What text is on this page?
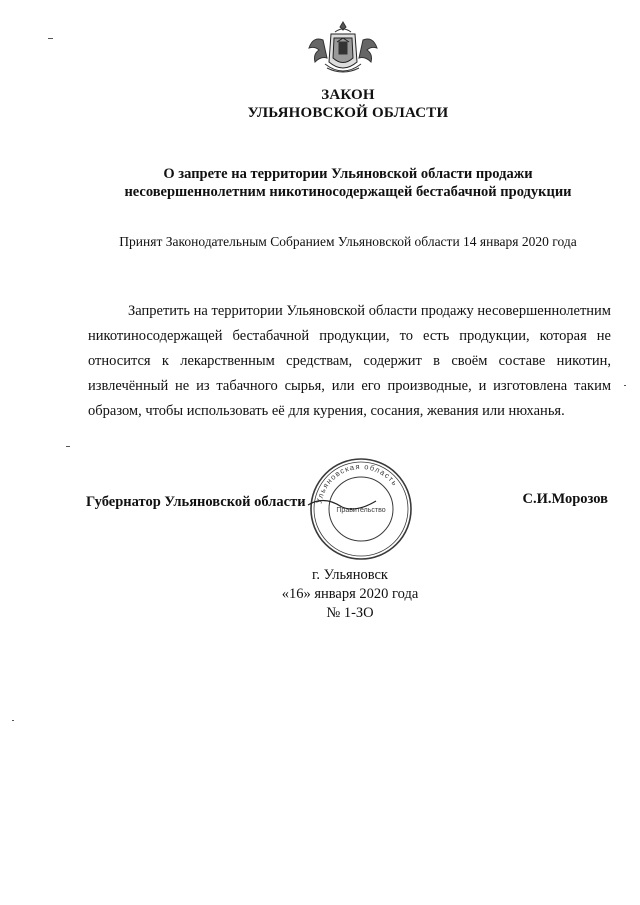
ЗАКОН
УЛЬЯНОВСКОЙ ОБЛАСТИ
О запрете на территории Ульяновской области продажи
несовершеннолетним никотиносодержащей бестабачной продукции
Принят Законодательным Собранием Ульяновской области 14 января 2020 года
Запретить на территории Ульяновской области продажу несовершеннолетним никотиносодержащей бестабачной продукции, то есть продукции, которая не относится к лекарственным средствам, содержит в своём составе никотин, извлечённый не из табачного сырья, или его производные, и изготовлена таким образом, чтобы использовать её для курения, сосания, жевания или нюханья.
Губернатор Ульяновской области	С.И.Морозов
Ульяновская область
Правительство
г. Ульяновск
«16» января 2020 года
№ 1-ЗО
